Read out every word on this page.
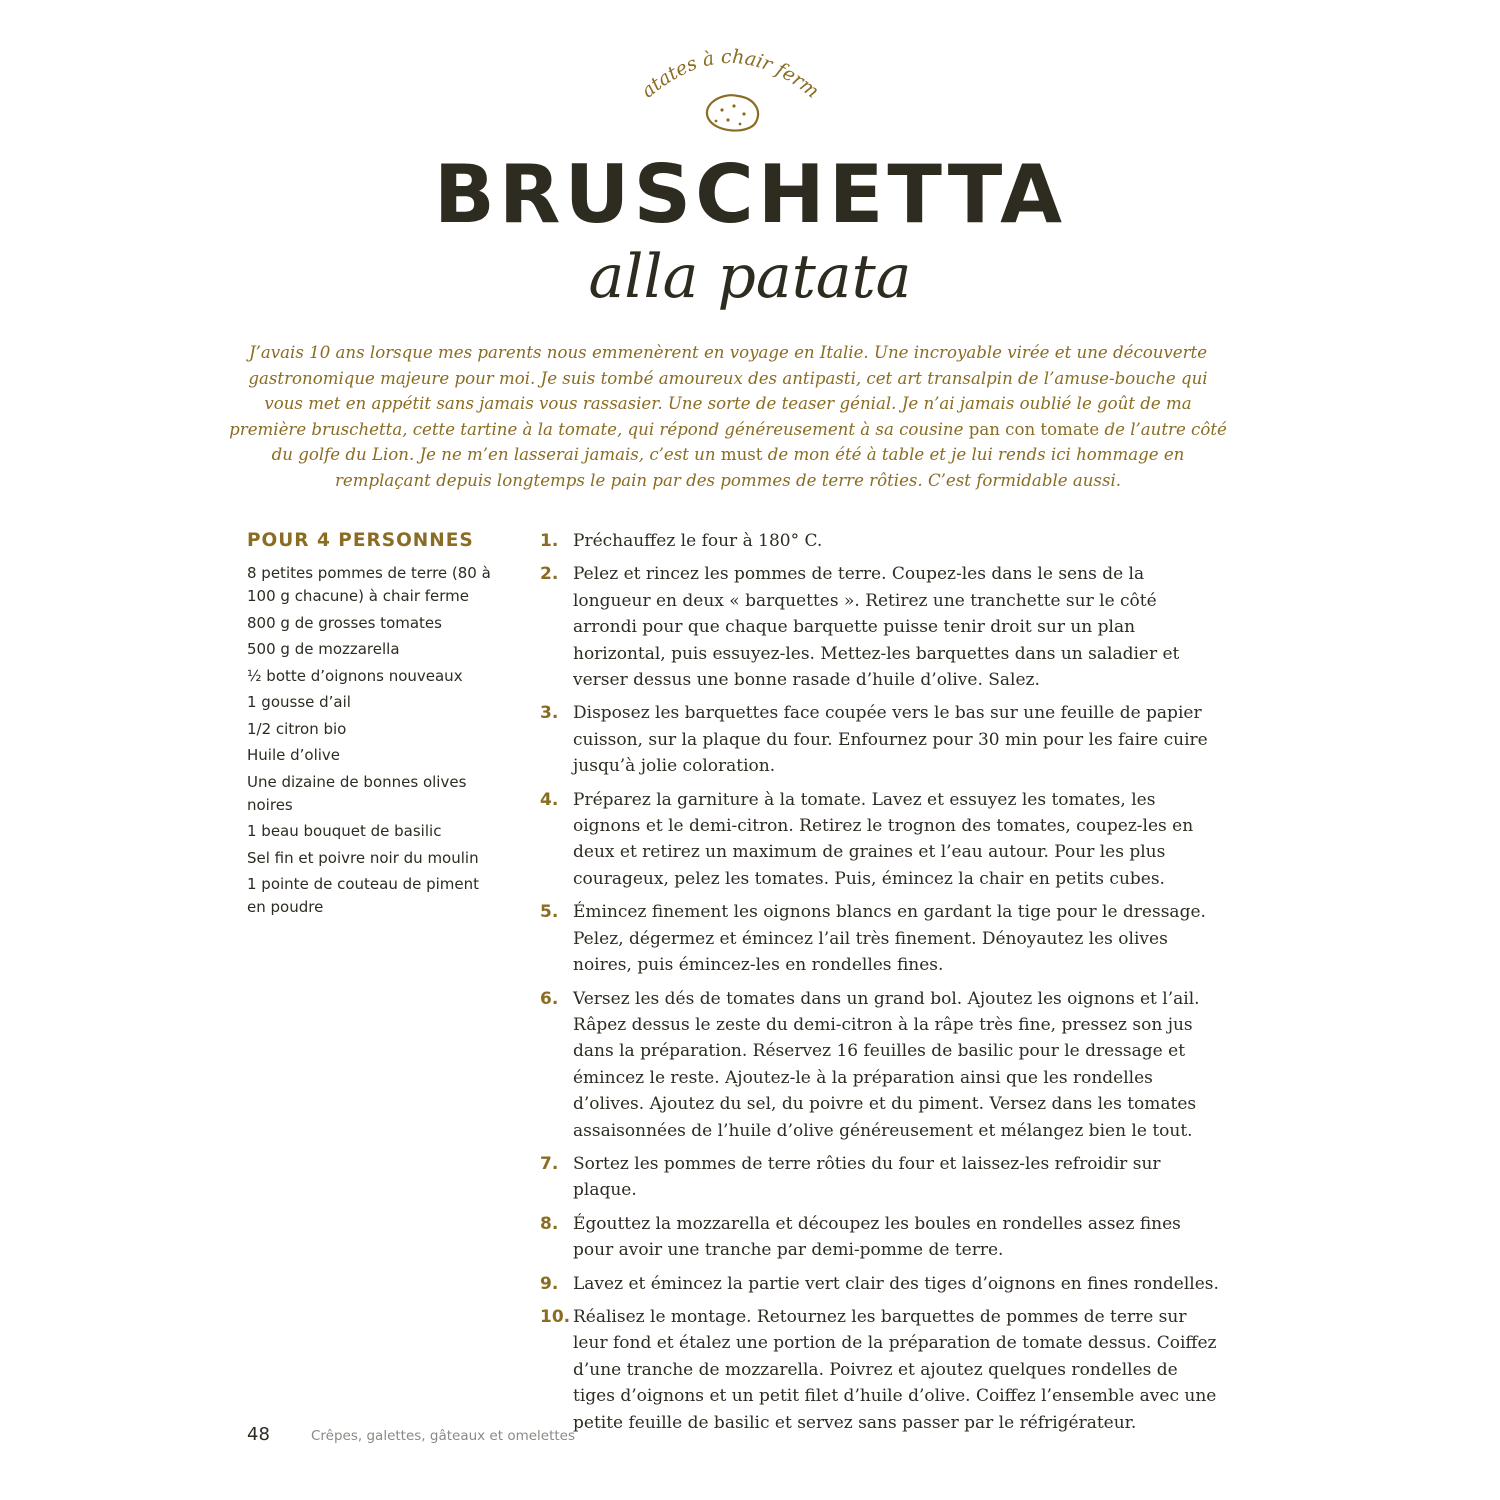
atates à chair ferm
BRUSCHETTA
alla patata

J’avais 10 ans lorsque mes parents nous emmenèrent en voyage en Italie. Une incroyable virée et une découverte gastronomique majeure pour moi. Je suis tombé amoureux des antipasti, cet art transalpin de l’amuse-bouche qui vous met en appétit sans jamais vous rassasier. Une sorte de teaser génial. Je n’ai jamais oublié le goût de ma première bruschetta, cette tartine à la tomate, qui répond généreusement à sa cousine pan con tomate de l’autre côté du golfe du Lion. Je ne m’en lasserai jamais, c’est un must de mon été à table et je lui rends ici hommage en remplaçant depuis longtemps le pain par des pommes de terre rôties. C’est formidable aussi.

POUR 4 PERSONNES
8 petites pommes de terre (80 à 100 g chacune) à chair ferme
800 g de grosses tomates
500 g de mozzarella
½ botte d’oignons nouveaux
1 gousse d’ail
1/2 citron bio
Huile d’olive
Une dizaine de bonnes olives noires
1 beau bouquet de basilic
Sel fin et poivre noir du moulin
1 pointe de couteau de piment en poudre
1. Préchauffez le four à 180° C.
2. Pelez et rincez les pommes de terre. Coupez-les dans le sens de la longueur en deux « barquettes ». Retirez une tranchette sur le côté arrondi pour que chaque barquette puisse tenir droit sur un plan horizontal, puis essuyez-les. Mettez-les barquettes dans un saladier et verser dessus une bonne rasade d’huile d’olive. Salez.
3. Disposez les barquettes face coupée vers le bas sur une feuille de papier cuisson, sur la plaque du four. Enfournez pour 30 min pour les faire cuire jusqu’à jolie coloration.
4. Préparez la garniture à la tomate. Lavez et essuyez les tomates, les oignons et le demi-citron. Retirez le trognon des tomates, coupez-les en deux et retirez un maximum de graines et l’eau autour. Pour les plus courageux, pelez les tomates. Puis, émincez la chair en petits cubes.
5. Émincez finement les oignons blancs en gardant la tige pour le dressage. Pelez, dégermez et émincez l’ail très finement. Dénoyautez les olives noires, puis émincez-les en rondelles fines.
6. Versez les dés de tomates dans un grand bol. Ajoutez les oignons et l’ail. Râpez dessus le zeste du demi-citron à la râpe très fine, pressez son jus dans la préparation. Réservez 16 feuilles de basilic pour le dressage et émincez le reste. Ajoutez-le à la préparation ainsi que les rondelles d’olives. Ajoutez du sel, du poivre et du piment. Versez dans les tomates assaisonnées de l’huile d’olive généreusement et mélangez bien le tout.
7. Sortez les pommes de terre rôties du four et laissez-les refroidir sur plaque.
8. Égouttez la mozzarella et découpez les boules en rondelles assez fines pour avoir une tranche par demi-pomme de terre.
9. Lavez et émincez la partie vert clair des tiges d’oignons en fines rondelles.
10. Réalisez le montage. Retournez les barquettes de pommes de terre sur leur fond et étalez une portion de la préparation de tomate dessus. Coiffez d’une tranche de mozzarella. Poivrez et ajoutez quelques rondelles de tiges d’oignons et un petit filet d’huile d’olive. Coiffez l’ensemble avec une petite feuille de basilic et servez sans passer par le réfrigérateur.
48	Crêpes, galettes, gâteaux et omelettes
